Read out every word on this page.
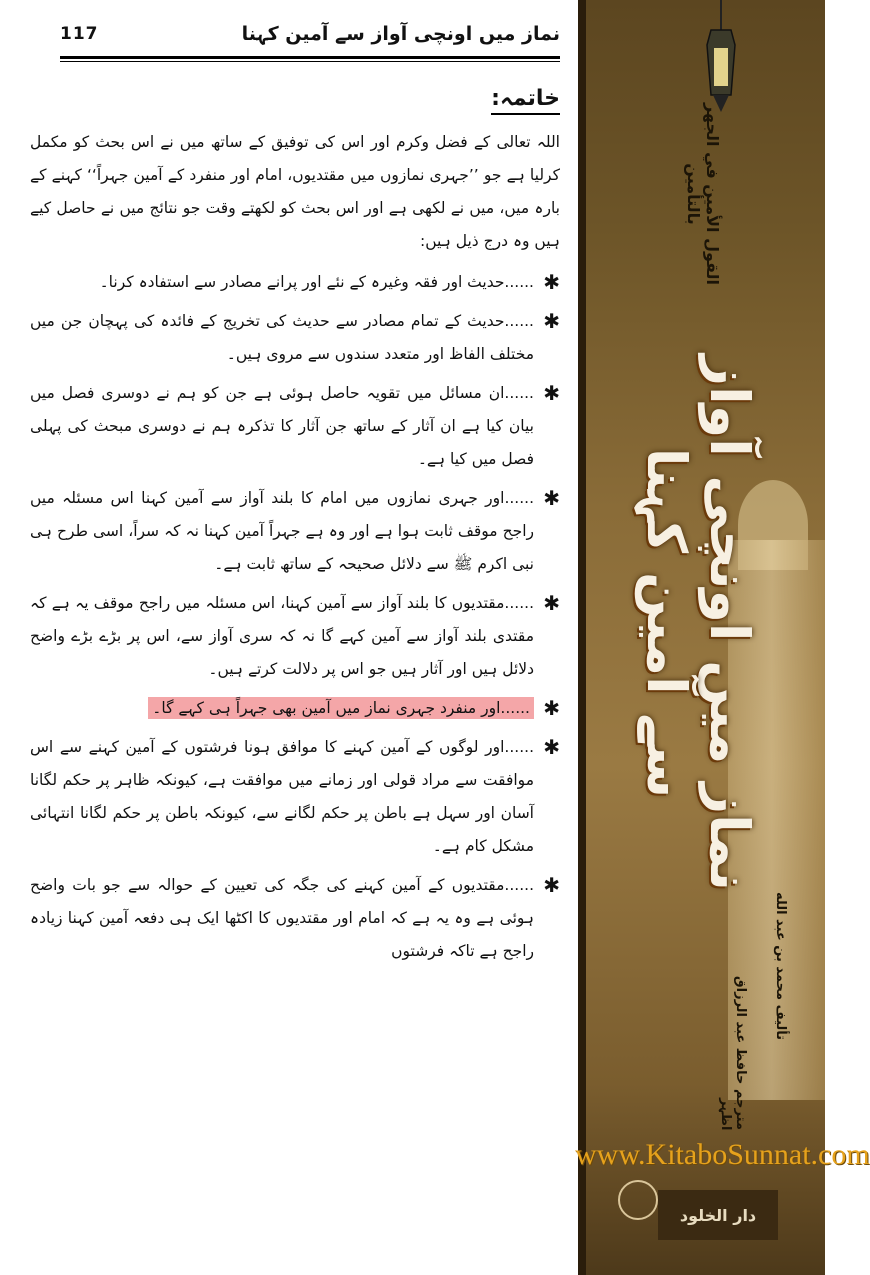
117	نماز میں اونچی آواز سے آمین کہنا
خاتمہ:

اللہ تعالی کے فضل وکرم اور اس کی توفیق کے ساتھ میں نے اس بحث کو مکمل کرلیا ہے جو ’’جہری نمازوں میں مقتدیوں، امام اور منفرد کے آمین جہراً‘‘ کہنے کے بارہ میں، میں نے لکھی ہے اور اس بحث کو لکھتے وقت جو نتائج میں نے حاصل کیے ہیں وہ درج ذیل ہیں:

✱
......حدیث اور فقہ وغیرہ کے نئے اور پرانے مصادر سے استفادہ کرنا۔
✱
......حدیث کے تمام مصادر سے حدیث کی تخریج کے فائدہ کی پہچان جن میں مختلف الفاظ اور متعدد سندوں سے مروی ہیں۔
✱
......ان مسائل میں تقویہ حاصل ہوئی ہے جن کو ہم نے دوسری فصل میں بیان کیا ہے ان آثار کے ساتھ جن آثار کا تذکرہ ہم نے دوسری مبحث کی پہلی فصل میں کیا ہے۔
✱
......اور جہری نمازوں میں امام کا بلند آواز سے آمین کہنا اس مسئلہ میں راجح موقف ثابت ہوا ہے اور وہ ہے جہراً آمین کہنا نہ کہ سراً، اسی طرح ہی نبی اکرم ﷺ سے دلائل صحیحہ کے ساتھ ثابت ہے۔
✱
......مقتدیوں کا بلند آواز سے آمین کہنا، اس مسئلہ میں راجح موقف یہ ہے کہ مقتدی بلند آواز سے آمین کہے گا نہ کہ سری آواز سے، اس پر بڑے بڑے واضح دلائل ہیں اور آثار ہیں جو اس پر دلالت کرتے ہیں۔
✱
......اور منفرد جہری نماز میں آمین بھی جہراً ہی کہے گا۔
✱
......اور لوگوں کے آمین کہنے کا موافق ہونا فرشتوں کے آمین کہنے سے اس موافقت سے مراد قولی اور زمانے میں موافقت ہے، کیونکہ ظاہر پر حکم لگانا آسان اور سہل ہے باطن پر حکم لگانے سے، کیونکہ باطن پر حکم لگانا انتہائی مشکل کام ہے۔
✱
......مقتدیوں کے آمین کہنے کی جگہ کی تعیین کے حوالہ سے جو بات واضح ہوئی ہے وہ یہ ہے کہ امام اور مقتدیوں کا اکٹھا ایک ہی دفعہ آمین کہنا زیادہ راجح ہے تاکہ فرشتوں
القول الأمين في الجهر بالتأمين
نماز میں اونچی آواز سے آمین کہنا
تألیف محمد بن عبد الله
مترجم حافظ عبد الرزاق اظہر
دار الخلود
www.KitaboSunnat.com
